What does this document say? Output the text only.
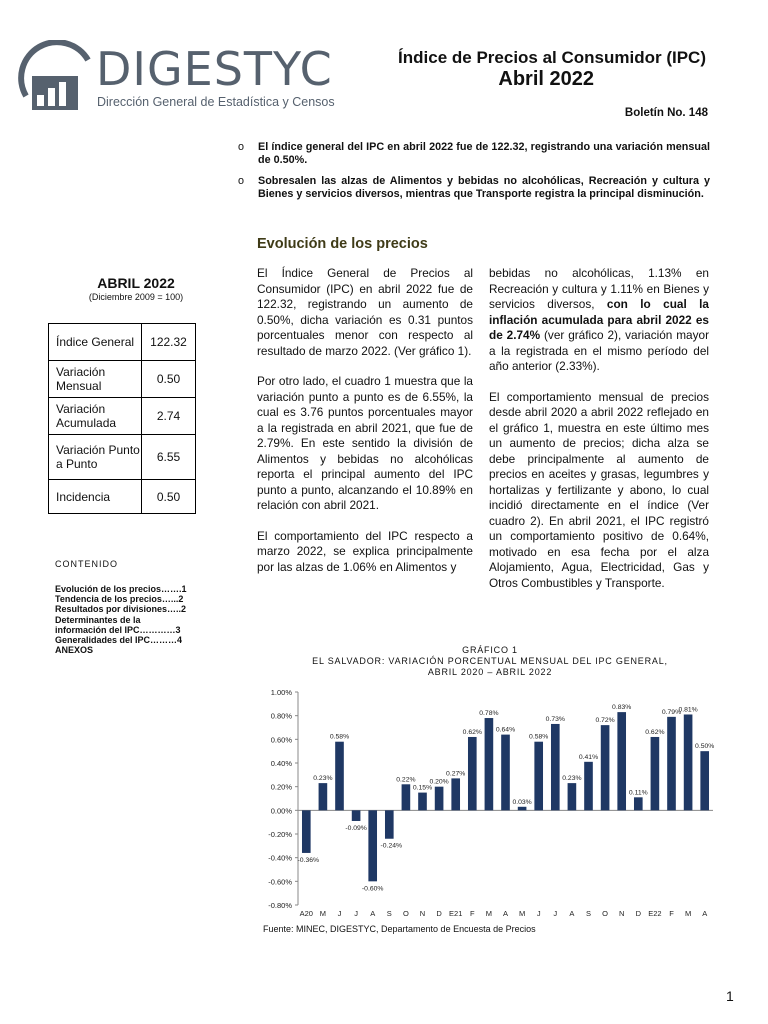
DIGESTYC
Dirección General de Estadística y Censos
Índice de Precios al Consumidor (IPC)
Abril 2022
Boletín No. 148
o El índice general del IPC en abril 2022 fue de 122.32, registrando una variación mensual de 0.50%.
o Sobresalen las alzas de Alimentos y bebidas no alcohólicas, Recreación y cultura y Bienes y servicios diversos, mientras que Transporte registra la principal disminución.
Evolución de los precios

El Índice General de Precios al Consumidor (IPC) en abril 2022 fue de 122.32, registrando un aumento de 0.50%, dicha variación es 0.31 puntos porcentuales menor con respecto al resultado de marzo 2022. (Ver gráfico 1).

Por otro lado, el cuadro 1 muestra que la variación punto a punto es de 6.55%, la cual es 3.76 puntos porcentuales mayor a la registrada en abril 2021, que fue de 2.79%. En este sentido la división de Alimentos y bebidas no alcohólicas reporta el principal aumento del IPC punto a punto, alcanzando el 10.89% en relación con abril 2021.

El comportamiento del IPC respecto a marzo 2022, se explica principalmente por las alzas de 1.06% en Alimentos y

bebidas no alcohólicas, 1.13% en Recreación y cultura y 1.11% en Bienes y servicios diversos, con lo cual la inflación acumulada para abril 2022 es de 2.74% (ver gráfico 2), variación mayor a la registrada en el mismo período del año anterior (2.33%).

El comportamiento mensual de precios desde abril 2020 a abril 2022 reflejado en el gráfico 1, muestra en este último mes un aumento de precios; dicha alza se debe principalmente al aumento de precios en aceites y grasas, legumbres y hortalizas y fertilizante y abono, lo cual incidió directamente en el índice (Ver cuadro 2). En abril 2021, el IPC registró un comportamiento positivo de 0.64%, motivado en esa fecha por el alza Alojamiento, Agua, Electricidad, Gas y Otros Combustibles y Transporte.

ABRIL 2022
(Diciembre 2009 = 100)
Índice General	122.32
Variación Mensual	0.50
Variación Acumulada	2.74
Variación Punto a Punto	6.55
Incidencia	0.50
CONTENIDO
Evolución de los precios…….1
Tendencia de los precios…...2
Resultados por divisiones…..2
Determinantes de la
información del IPC…………3
Generalidades del IPC………4
ANEXOS	GRÁFICO 1
EL SALVADOR: VARIACIÓN PORCENTUAL MENSUAL DEL IPC GENERAL,
ABRIL 2020 – ABRIL 2022
1.00%
0.80%
0.60%
0.40%
0.20%
0.00%
-0.20%
-0.40%
-0.60%
-0.80%
-0.36%
A20
0.23%
M
0.58%
J
-0.09%
J
-0.60%
A
-0.24%
S
0.22%
O
0.15%
N
0.20%
D
0.27%
E21
0.62%
F
0.78%
M
0.64%
A
0.03%
M
0.58%
J
0.73%
J
0.23%
A
0.41%
S
0.72%
O
0.83%
N
0.11%
D
0.62%
E22
0.79%
F
0.81%
M
0.50%
A
Fuente: MINEC, DIGESTYC, Departamento de Encuesta de Precios
1
